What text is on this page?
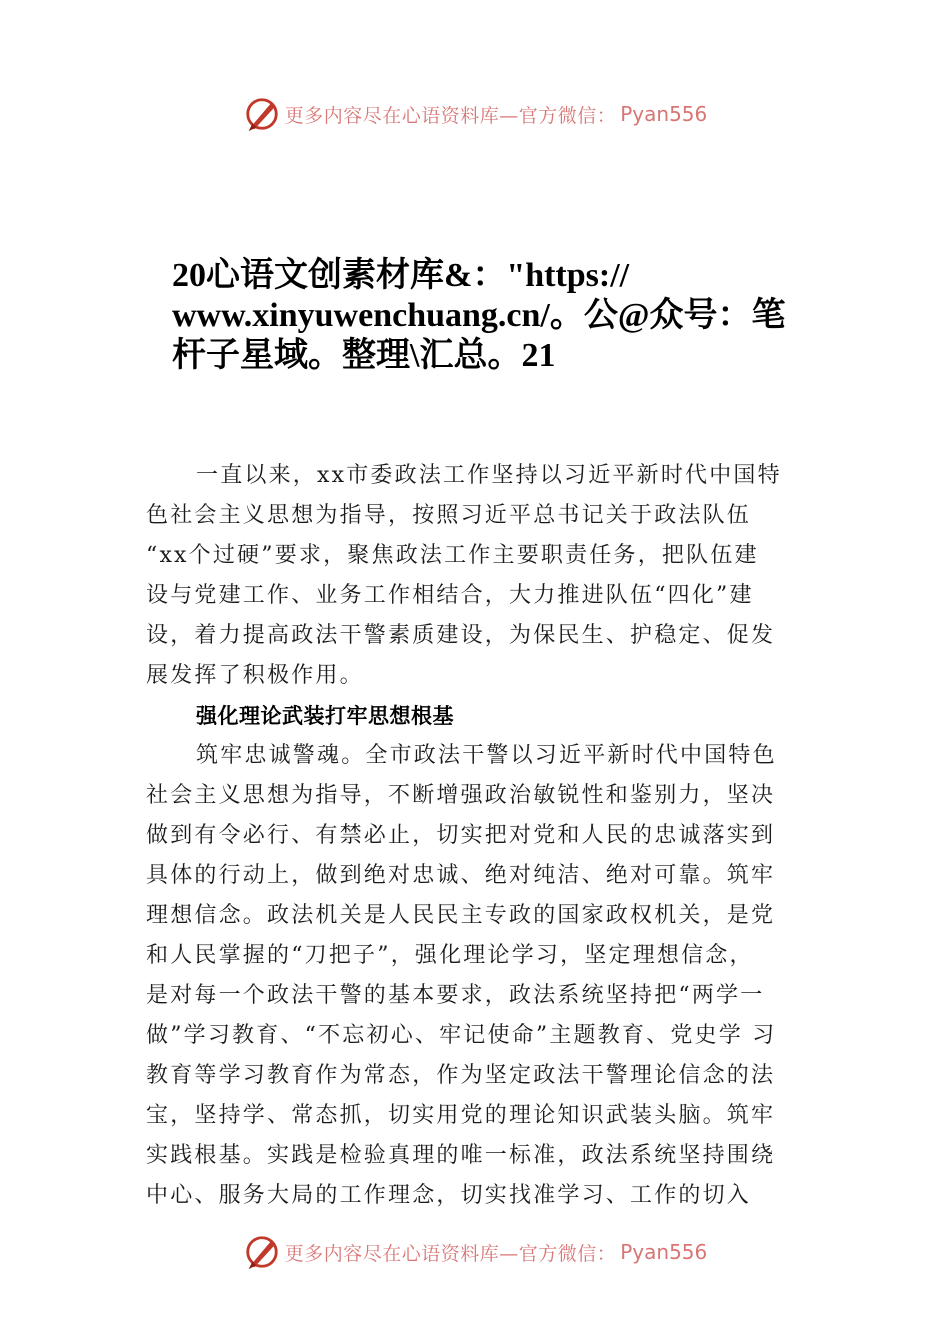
更多内容尽在心语资料库—官方微信： Pyan556
20心语文创素材库&："https://
www.xinyuwenchuang.cn/。公@众号：笔
杆子星域。整理\汇总。21
一直以来，xx市委政法工作坚持以习近平新时代中国特
色社会主义思想为指导，按照习近平总书记关于政法队伍
“xx个过硬”要求，聚焦政法工作主要职责任务，把队伍建
设与党建工作、业务工作相结合，大力推进队伍“四化”建
设，着力提高政法干警素质建设，为保民生、护稳定、促发
展发挥了积极作用。
强化理论武装打牢思想根基
筑牢忠诚警魂。全市政法干警以习近平新时代中国特色
社会主义思想为指导，不断增强政治敏锐性和鉴别力，坚决
做到有令必行、有禁必止，切实把对党和人民的忠诚落实到
具体的行动上，做到绝对忠诚、绝对纯洁、绝对可靠。筑牢
理想信念。政法机关是人民民主专政的国家政权机关，是党
和人民掌握的“刀把子”，强化理论学习，坚定理想信念，
是对每一个政法干警的基本要求，政法系统坚持把“两学一
做”学习教育、“不忘初心、牢记使命”主题教育、党史学 习
教育等学习教育作为常态，作为坚定政法干警理论信念的法
宝，坚持学、常态抓，切实用党的理论知识武装头脑。筑牢
实践根基。实践是检验真理的唯一标准，政法系统坚持围绕
中心、服务大局的工作理念，切实找准学习、工作的切入
更多内容尽在心语资料库—官方微信： Pyan556
